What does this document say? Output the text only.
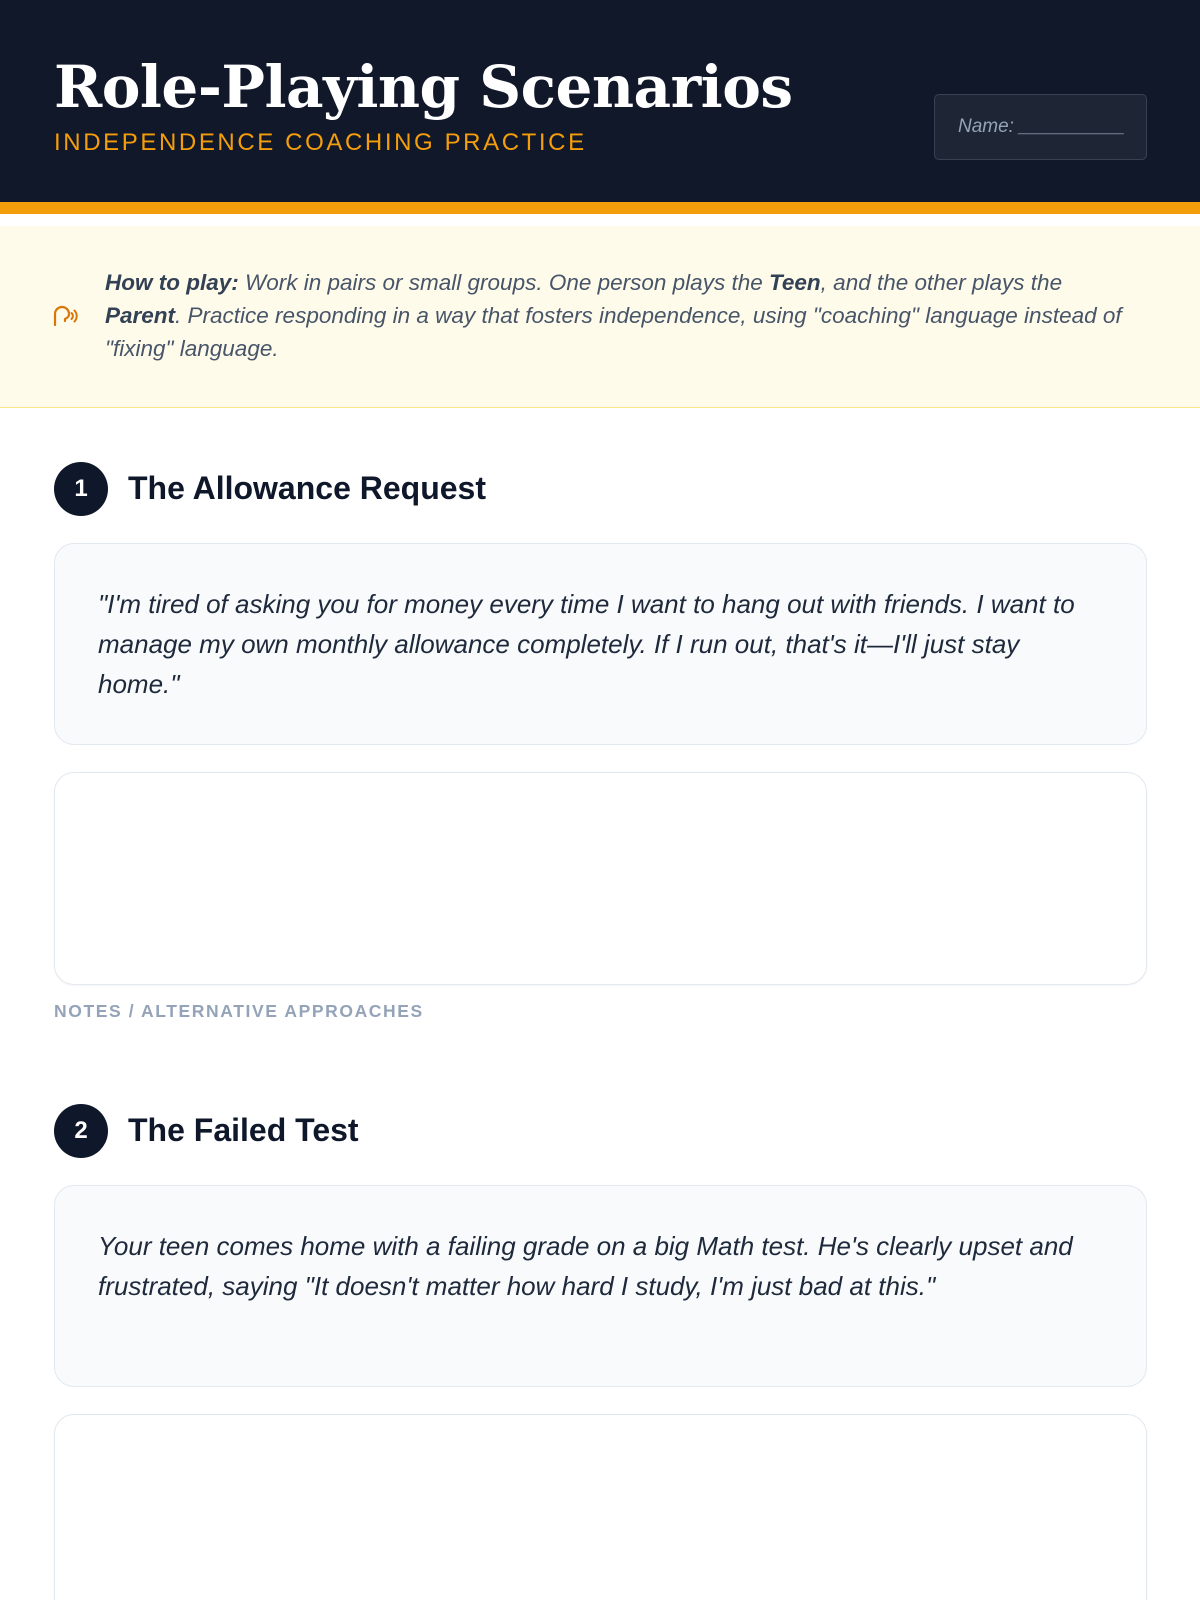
Role-Playing Scenarios
INDEPENDENCE COACHING PRACTICE
Name: __________
How to play: Work in pairs or small groups. One person plays the Teen, and the other plays the Parent. Practice responding in a way that fosters independence, using "coaching" language instead of "fixing" language.
1	The Allowance Request
"I'm tired of asking you for money every time I want to hang out with friends. I want to manage my own monthly allowance completely. If I run out, that's it—I'll just stay home."
NOTES / ALTERNATIVE APPROACHES
2	The Failed Test
Your teen comes home with a failing grade on a big Math test. He's clearly upset and frustrated, saying "It doesn't matter how hard I study, I'm just bad at this."
